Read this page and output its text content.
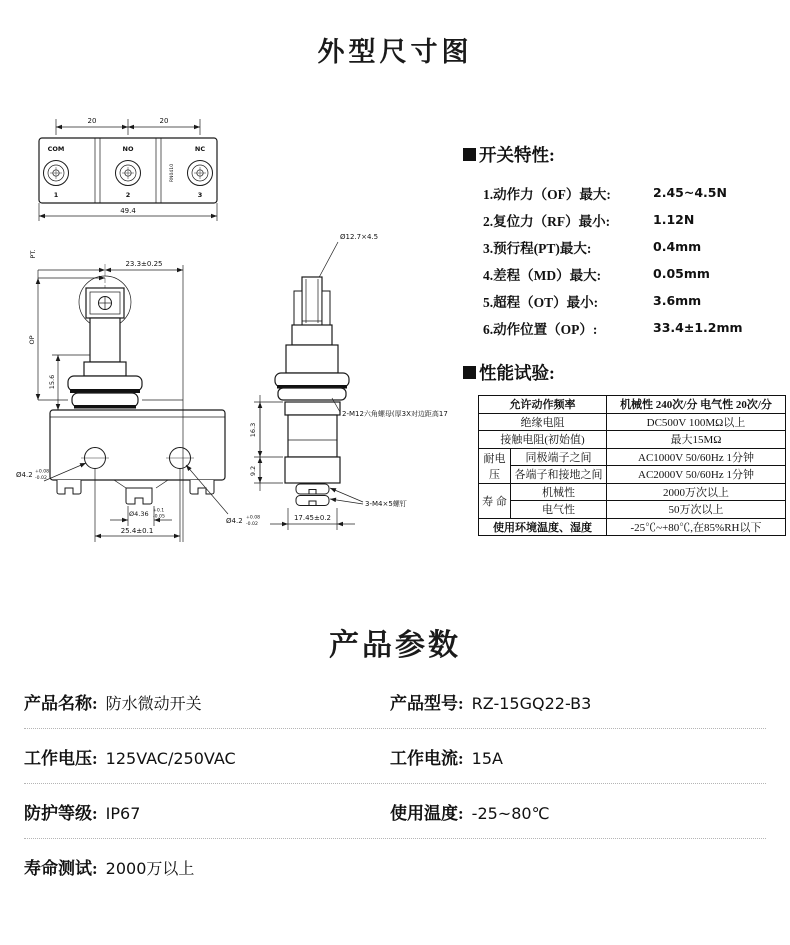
外型尺寸图
20	20
COM
1
NO
2
NC
3
RN0410
49.4
PT.
OP
23.3±0.25
15.6
Ø4.2 +0.08
-0.02
Ø4.2 +0.08
-0.02
Ø4.36 +0.1
-0.05
25.4±0.1
Ø12.7×4.5
16.3
9.2
2-M12六角螺母(厚3X对边距高17
3-M4×5螺钉
17.45±0.2
开关特性:
1.动作力（OF）最大:	2.45~4.5N
2.复位力（RF）最小:	1.12N
3.预行程(PT)最大:	0.4mm
4.差程（MD）最大:	0.05mm
5.超程（OT）最小:	3.6mm
6.动作位置（OP）:	33.4±1.2mm
性能试验:
允许动作频率		机械性 240次/分 电气性 20次/分
绝缘电阻		DC500V 100MΩ以上
接触电阻(初始值)		最大15MΩ
耐电压	同极端子之间	AC1000V 50/60Hz 1分钟
	各端子和接地之间	AC2000V 50/60Hz 1分钟
寿 命	机械性	2000万次以上
	电气性	50万次以上
使用环境温度、湿度		-25℃~+80℃,在85%RH以下
产品参数
产品名称: 防水微动开关	产品型号: RZ-15GQ22-B3
工作电压: 125VAC/250VAC	工作电流: 15A
防护等级: IP67	使用温度: -25~80℃
寿命测试: 2000万以上
